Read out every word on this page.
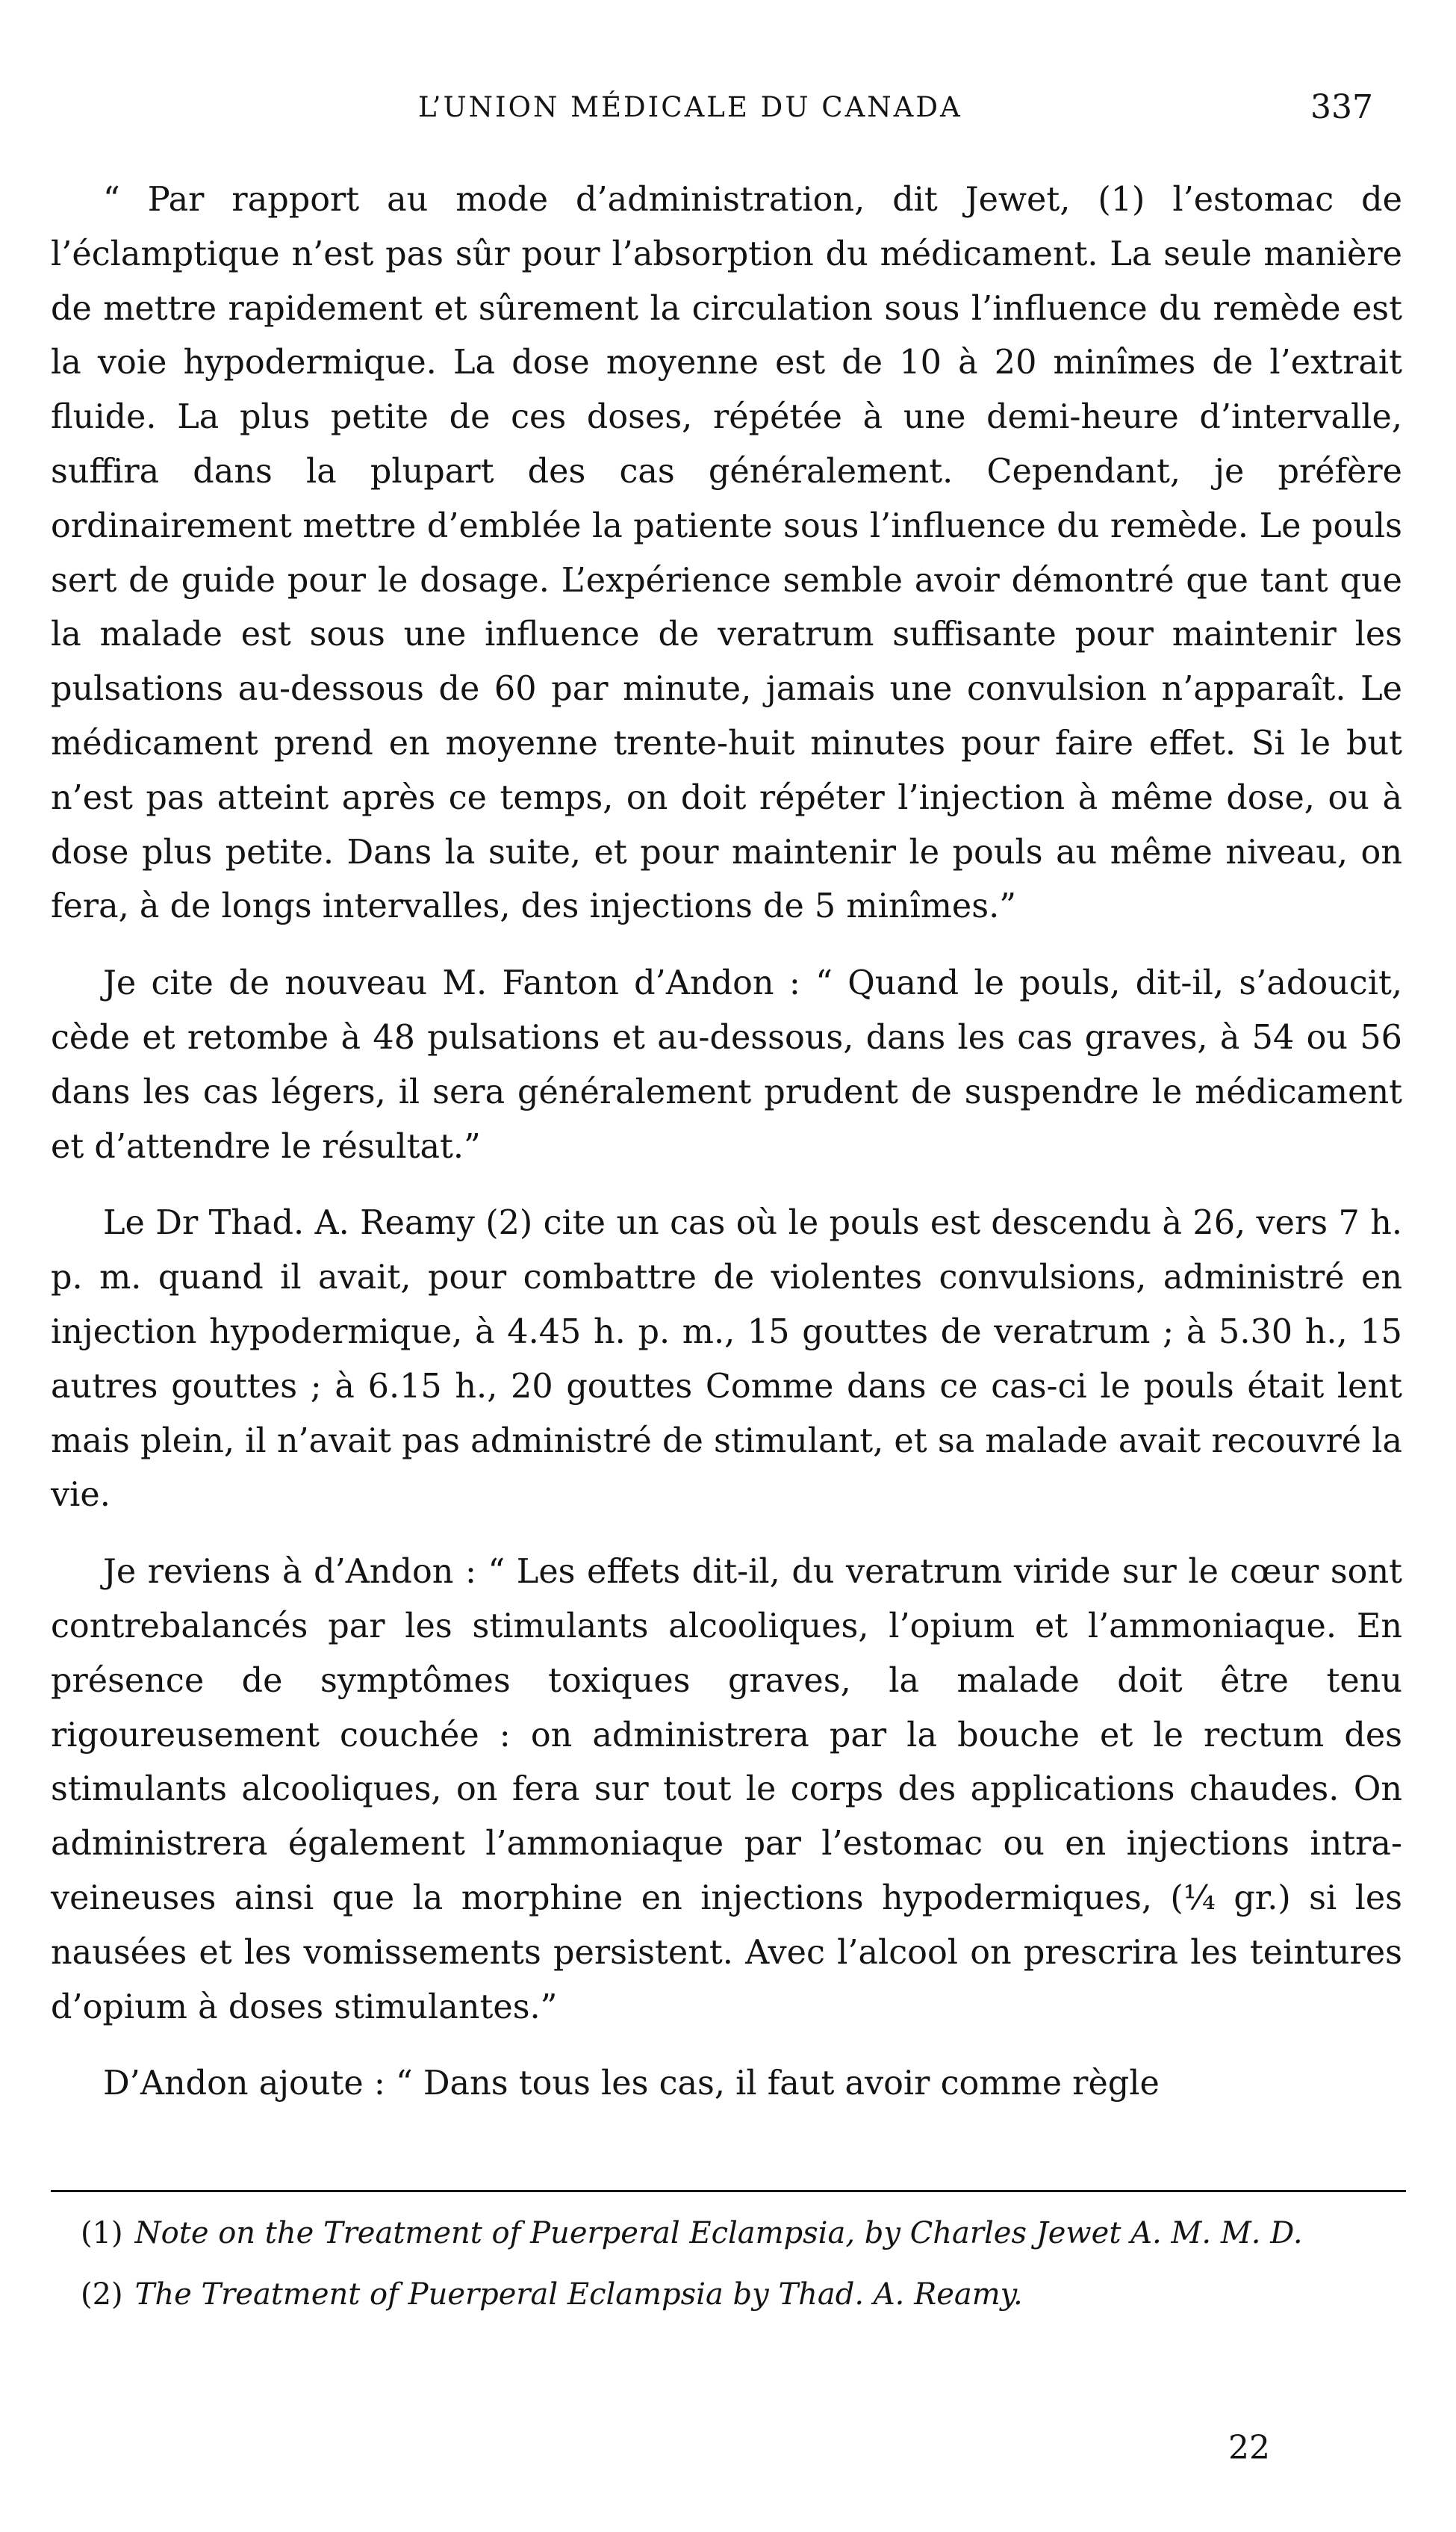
L’UNION MÉDICALE DU CANADA	337

“ Par rapport au mode d’administration, dit Jewet, (1) l’estomac de l’éclamptique n’est pas sûr pour l’absorption du médicament. La seule manière de mettre rapidement et sûrement la circulation sous l’influence du remède est la voie hypodermique. La dose moyenne est de 10 à 20 minîmes de l’extrait fluide. La plus petite de ces doses, répétée à une demi-heure d’intervalle, suffira dans la plupart des cas généralement. Cependant, je préfère ordinairement mettre d’emblée la patiente sous l’influence du remède. Le pouls sert de guide pour le dosage. L’expérience semble avoir démontré que tant que la malade est sous une influence de veratrum suffisante pour maintenir les pulsations au-dessous de 60 par minute, jamais une convulsion n’apparaît. Le médicament prend en moyenne trente-huit minutes pour faire effet. Si le but n’est pas atteint après ce temps, on doit répéter l’injection à même dose, ou à dose plus petite. Dans la suite, et pour maintenir le pouls au même niveau, on fera, à de longs intervalles, des injections de 5 minîmes.”

Je cite de nouveau M. Fanton d’Andon : “ Quand le pouls, dit-il, s’adoucit, cède et retombe à 48 pulsations et au-dessous, dans les cas graves, à 54 ou 56 dans les cas légers, il sera généralement prudent de suspendre le médicament et d’attendre le résultat.”

Le Dr Thad. A. Reamy (2) cite un cas où le pouls est descendu à 26, vers 7 h. p. m. quand il avait, pour combattre de violentes convulsions, administré en injection hypodermique, à 4.45 h. p. m., 15 gouttes de veratrum ; à 5.30 h., 15 autres gouttes ; à 6.15 h., 20 gouttes Comme dans ce cas-ci le pouls était lent mais plein, il n’avait pas administré de stimulant, et sa malade avait recouvré la vie.

Je reviens à d’Andon : “ Les effets dit-il, du veratrum viride sur le cœur sont contrebalancés par les stimulants alcooliques, l’opium et l’ammoniaque. En présence de symptômes toxiques graves, la malade doit être tenu rigoureusement couchée : on administrera par la bouche et le rectum des stimulants alcooliques, on fera sur tout le corps des applications chaudes. On administrera également l’ammoniaque par l’estomac ou en injections intra-veineuses ainsi que la morphine en injections hypodermiques, (¼ gr.) si les nausées et les vomissements persistent. Avec l’alcool on prescrira les teintures d’opium à doses stimulantes.”

D’Andon ajoute : “ Dans tous les cas, il faut avoir comme règle

(1) Note on the Treatment of Puerperal Eclampsia, by Charles Jewet A. M. M. D.
(2) The Treatment of Puerperal Eclampsia by Thad. A. Reamy.
22
